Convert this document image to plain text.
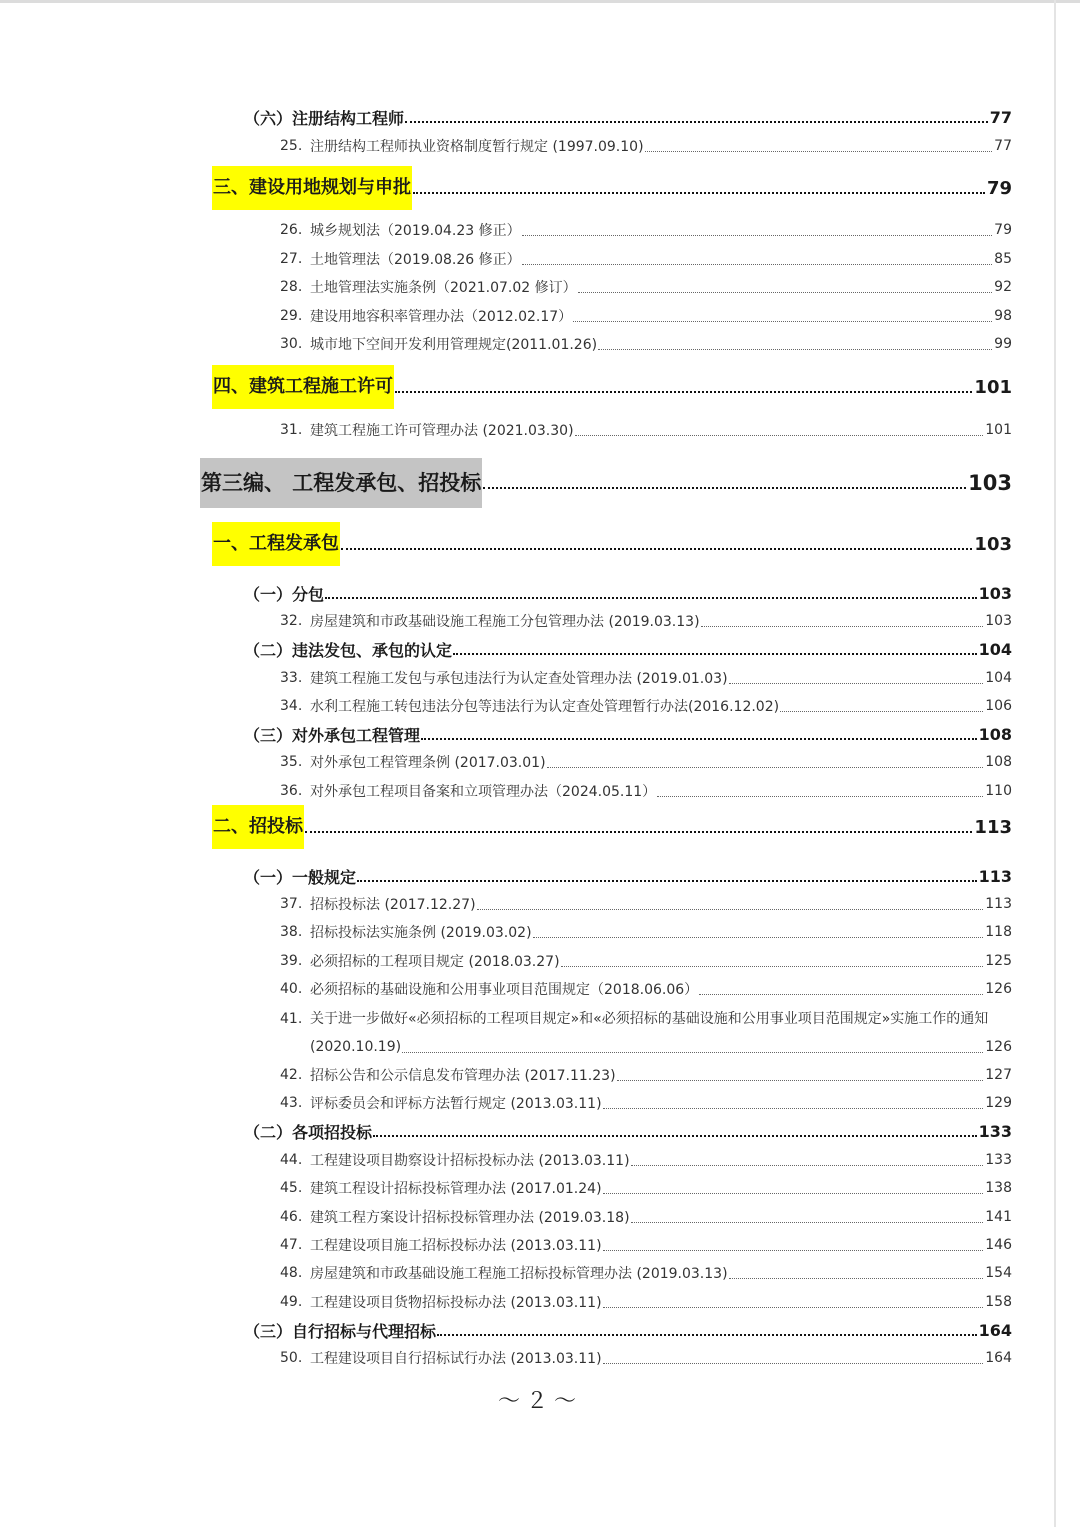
（六）注册结构工程师	77
25. 注册结构工程师执业资格制度暂行规定 (1997.09.10)	77
三、建设用地规划与申批	79
26. 城乡规划法（2019.04.23 修正）	79
27. 土地管理法（2019.08.26 修正）	85
28. 土地管理法实施条例（2021.07.02 修订）	92
29. 建设用地容积率管理办法（2012.02.17）	98
30. 城市地下空间开发利用管理规定(2011.01.26)	99
四、建筑工程施工许可	101
31. 建筑工程施工许可管理办法 (2021.03.30)	101
第三编、 工程发承包、招投标	103
一、工程发承包	103
（一）分包	103
32. 房屋建筑和市政基础设施工程施工分包管理办法 (2019.03.13)	103
（二）违法发包、承包的认定	104
33. 建筑工程施工发包与承包违法行为认定查处管理办法 (2019.01.03)	104
34. 水利工程施工转包违法分包等违法行为认定查处管理暂行办法(2016.12.02)	106
（三）对外承包工程管理	108
35. 对外承包工程管理条例 (2017.03.01)	108
36. 对外承包工程项目备案和立项管理办法（2024.05.11）	110
二、招投标	113
（一）一般规定	113
37. 招标投标法 (2017.12.27)	113
38. 招标投标法实施条例 (2019.03.02)	118
39. 必须招标的工程项目规定 (2018.03.27)	125
40. 必须招标的基础设施和公用事业项目范围规定（2018.06.06）	126
41. 关于进一步做好«必须招标的工程项目规定»和«必须招标的基础设施和公用事业项目范围规定»实施工作的通知
(2020.10.19)	126
42. 招标公告和公示信息发布管理办法 (2017.11.23)	127
43. 评标委员会和评标方法暂行规定 (2013.03.11)	129
（二）各项招投标	133
44. 工程建设项目勘察设计招标投标办法 (2013.03.11)	133
45. 建筑工程设计招标投标管理办法 (2017.01.24)	138
46. 建筑工程方案设计招标投标管理办法 (2019.03.18)	141
47. 工程建设项目施工招标投标办法 (2013.03.11)	146
48. 房屋建筑和市政基础设施工程施工招标投标管理办法 (2019.03.13)	154
49. 工程建设项目货物招标投标办法 (2013.03.11)	158
（三）自行招标与代理招标	164
50. 工程建设项目自行招标试行办法 (2013.03.11)	164
～２～
